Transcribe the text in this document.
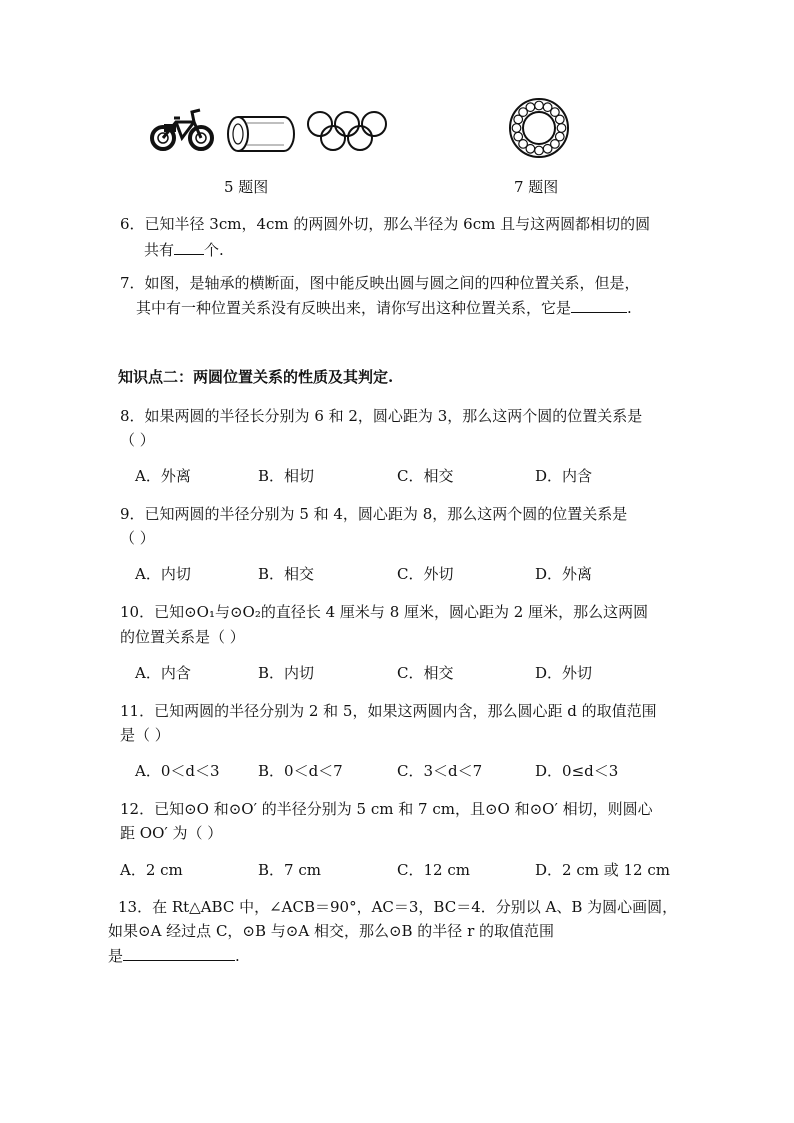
5 题图	7 题图
6．已知半径 3cm，4cm 的两圆外切，那么半径为 6cm 且与这两圆都相切的圆
共有 个.
7．如图，是轴承的横断面，图中能反映出圆与圆之间的四种位置关系，但是，
其中有一种位置关系没有反映出来，请你写出这种位置关系，它是	.
知识点二：两圆位置关系的性质及其判定.
8．如果两圆的半径长分别为 6 和 2，圆心距为 3，那么这两个圆的位置关系是
（ ）
A．外离	B．相切	C．相交	D．内含
9．已知两圆的半径分别为 5 和 4，圆心距为 8，那么这两个圆的位置关系是
（ ）
A．内切	B．相交	C．外切	D．外离
10．已知⊙O₁与⊙O₂的直径长 4 厘米与 8 厘米，圆心距为 2 厘米，那么这两圆
的位置关系是（ ）
A．内含	B．内切	C．相交	D．外切
11．已知两圆的半径分别为 2 和 5，如果这两圆内含，那么圆心距 d 的取值范围
是（ ）
A．0＜d＜3	B．0＜d＜7	C．3＜d＜7	D．0≤d＜3
12．已知⊙O 和⊙O′ 的半径分别为 5 cm 和 7 cm，且⊙O 和⊙O′ 相切，则圆心
距 OO′ 为（ ）
A．2 cm	B．7 cm	C．12 cm	D．2 cm 或 12 cm
13．在 Rt△ABC 中，∠ACB＝90°，AC＝3，BC＝4．分别以 A、B 为圆心画圆，
如果⊙A 经过点 C，⊙B 与⊙A 相交，那么⊙B 的半径 r 的取值范围
是	.
